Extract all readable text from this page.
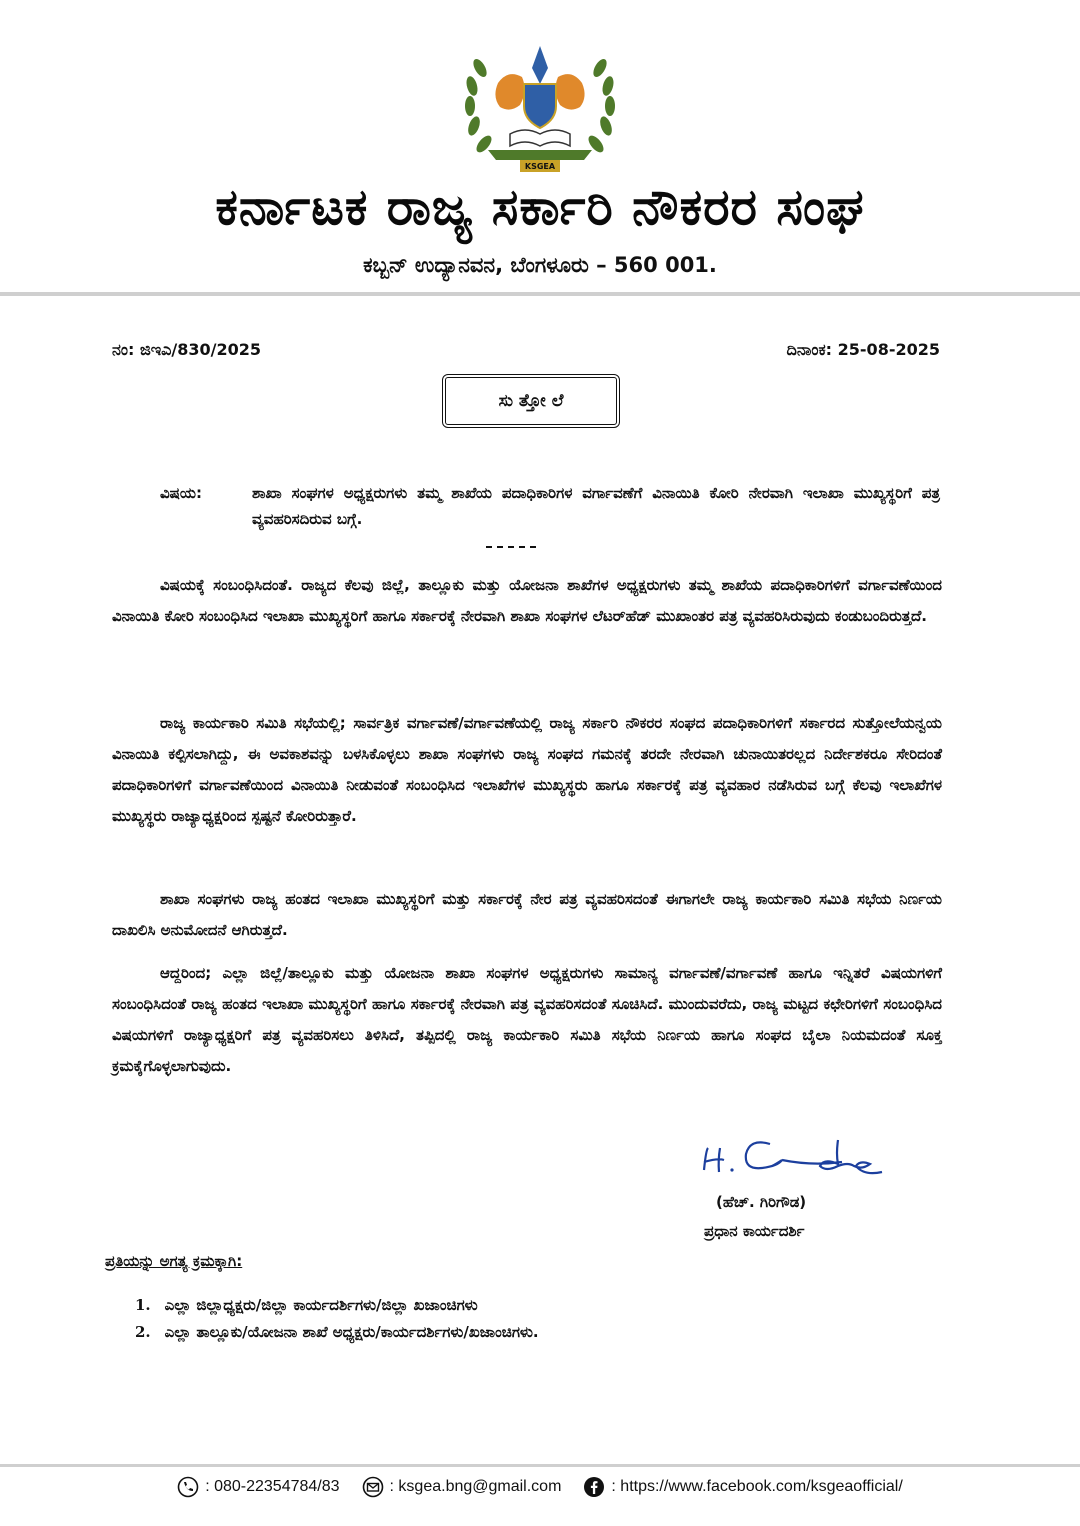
KSGEA
ಕರ್ನಾಟಕ ರಾಜ್ಯ ಸರ್ಕಾರಿ ನೌಕರರ ಸಂಘ
ಕಬ್ಬನ್ ಉದ್ಯಾನವನ, ಬೆಂಗಳೂರು – 560 001.
ನಂ: ಜಿಇಎ/830/2025	ದಿನಾಂಕ: 25-08-2025
ಸು ತ್ತೋ ಲೆ
ವಿಷಯ:	ಶಾಖಾ ಸಂಘಗಳ ಅಧ್ಯಕ್ಷರುಗಳು ತಮ್ಮ ಶಾಖೆಯ ಪದಾಧಿಕಾರಿಗಳ ವರ್ಗಾವಣೆಗೆ ವಿನಾಯಿತಿ ಕೋರಿ ನೇರವಾಗಿ ಇಲಾಖಾ ಮುಖ್ಯಸ್ಥರಿಗೆ ಪತ್ರ ವ್ಯವಹರಿಸದಿರುವ ಬಗ್ಗೆ.
ವಿಷಯಕ್ಕೆ ಸಂಬಂಧಿಸಿದಂತೆ. ರಾಜ್ಯದ ಕೆಲವು ಜಿಲ್ಲೆ, ತಾಲ್ಲೂಕು ಮತ್ತು ಯೋಜನಾ ಶಾಖೆಗಳ ಅಧ್ಯಕ್ಷರುಗಳು ತಮ್ಮ ಶಾಖೆಯ ಪದಾಧಿಕಾರಿಗಳಿಗೆ ವರ್ಗಾವಣೆಯಿಂದ ವಿನಾಯಿತಿ ಕೋರಿ ಸಂಬಂಧಿಸಿದ ಇಲಾಖಾ ಮುಖ್ಯಸ್ಥರಿಗೆ ಹಾಗೂ ಸರ್ಕಾರಕ್ಕೆ ನೇರವಾಗಿ ಶಾಖಾ ಸಂಘಗಳ ಲೆಟರ್‌ಹೆಡ್ ಮುಖಾಂತರ ಪತ್ರ ವ್ಯವಹರಿಸಿರುವುದು ಕಂಡುಬಂದಿರುತ್ತದೆ.
ರಾಜ್ಯ ಕಾರ್ಯಕಾರಿ ಸಮಿತಿ ಸಭೆಯಲ್ಲಿ; ಸಾರ್ವತ್ರಿಕ ವರ್ಗಾವಣೆ/ವರ್ಗಾವಣೆಯಲ್ಲಿ ರಾಜ್ಯ ಸರ್ಕಾರಿ ನೌಕರರ ಸಂಘದ ಪದಾಧಿಕಾರಿಗಳಿಗೆ ಸರ್ಕಾರದ ಸುತ್ತೋಲೆಯನ್ವಯ ವಿನಾಯಿತಿ ಕಲ್ಪಿಸಲಾಗಿದ್ದು, ಈ ಅವಕಾಶವನ್ನು ಬಳಸಿಕೊಳ್ಳಲು ಶಾಖಾ ಸಂಘಗಳು ರಾಜ್ಯ ಸಂಘದ ಗಮನಕ್ಕೆ ತರದೇ ನೇರವಾಗಿ ಚುನಾಯಿತರಲ್ಲದ ನಿರ್ದೇಶಕರೂ ಸೇರಿದಂತೆ ಪದಾಧಿಕಾರಿಗಳಿಗೆ ವರ್ಗಾವಣೆಯಿಂದ ವಿನಾಯಿತಿ ನೀಡುವಂತೆ ಸಂಬಂಧಿಸಿದ ಇಲಾಖೆಗಳ ಮುಖ್ಯಸ್ಥರು ಹಾಗೂ ಸರ್ಕಾರಕ್ಕೆ ಪತ್ರ ವ್ಯವಹಾರ ನಡೆಸಿರುವ ಬಗ್ಗೆ ಕೆಲವು ಇಲಾಖೆಗಳ ಮುಖ್ಯಸ್ಥರು ರಾಜ್ಯಾಧ್ಯಕ್ಷರಿಂದ ಸ್ಪಷ್ಟನೆ ಕೋರಿರುತ್ತಾರೆ.
ಶಾಖಾ ಸಂಘಗಳು ರಾಜ್ಯ ಹಂತದ ಇಲಾಖಾ ಮುಖ್ಯಸ್ಥರಿಗೆ ಮತ್ತು ಸರ್ಕಾರಕ್ಕೆ ನೇರ ಪತ್ರ ವ್ಯವಹರಿಸದಂತೆ ಈಗಾಗಲೇ ರಾಜ್ಯ ಕಾರ್ಯಕಾರಿ ಸಮಿತಿ ಸಭೆಯ ನಿರ್ಣಯ ದಾಖಲಿಸಿ ಅನುಮೋದನೆ ಆಗಿರುತ್ತದೆ.
ಆದ್ದರಿಂದ; ಎಲ್ಲಾ ಜಿಲ್ಲೆ/ತಾಲ್ಲೂಕು ಮತ್ತು ಯೋಜನಾ ಶಾಖಾ ಸಂಘಗಳ ಅಧ್ಯಕ್ಷರುಗಳು ಸಾಮಾನ್ಯ ವರ್ಗಾವಣೆ/ವರ್ಗಾವಣೆ ಹಾಗೂ ಇನ್ನಿತರೆ ವಿಷಯಗಳಿಗೆ ಸಂಬಂಧಿಸಿದಂತೆ ರಾಜ್ಯ ಹಂತದ ಇಲಾಖಾ ಮುಖ್ಯಸ್ಥರಿಗೆ ಹಾಗೂ ಸರ್ಕಾರಕ್ಕೆ ನೇರವಾಗಿ ಪತ್ರ ವ್ಯವಹರಿಸದಂತೆ ಸೂಚಿಸಿದೆ. ಮುಂದುವರೆದು, ರಾಜ್ಯ ಮಟ್ಟದ ಕಛೇರಿಗಳಿಗೆ ಸಂಬಂಧಿಸಿದ ವಿಷಯಗಳಿಗೆ ರಾಜ್ಯಾಧ್ಯಕ್ಷರಿಗೆ ಪತ್ರ ವ್ಯವಹರಿಸಲು ತಿಳಿಸಿದೆ, ತಪ್ಪಿದಲ್ಲಿ ರಾಜ್ಯ ಕಾರ್ಯಕಾರಿ ಸಮಿತಿ ಸಭೆಯ ನಿರ್ಣಯ ಹಾಗೂ ಸಂಘದ ಬೈಲಾ ನಿಯಮದಂತೆ ಸೂಕ್ತ ಕ್ರಮಕೈಗೊಳ್ಳಲಾಗುವುದು.
(ಹೆಚ್. ಗಿರಿಗೌಡ)
ಪ್ರಧಾನ ಕಾರ್ಯದರ್ಶಿ
ಪ್ರತಿಯನ್ನು ಅಗತ್ಯ ಕ್ರಮಕ್ಕಾಗಿ:
1. ಎಲ್ಲಾ ಜಿಲ್ಲಾಧ್ಯಕ್ಷರು/ಜಿಲ್ಲಾ ಕಾರ್ಯದರ್ಶಿಗಳು/ಜಿಲ್ಲಾ ಖಜಾಂಚಿಗಳು
2. ಎಲ್ಲಾ ತಾಲ್ಲೂಕು/ಯೋಜನಾ ಶಾಖೆ ಅಧ್ಯಕ್ಷರು/ಕಾರ್ಯದರ್ಶಿಗಳು/ಖಜಾಂಚಿಗಳು.
: 080-22354784/83	: ksgea.bng@gmail.com	: https://www.facebook.com/ksgeaofficial/
